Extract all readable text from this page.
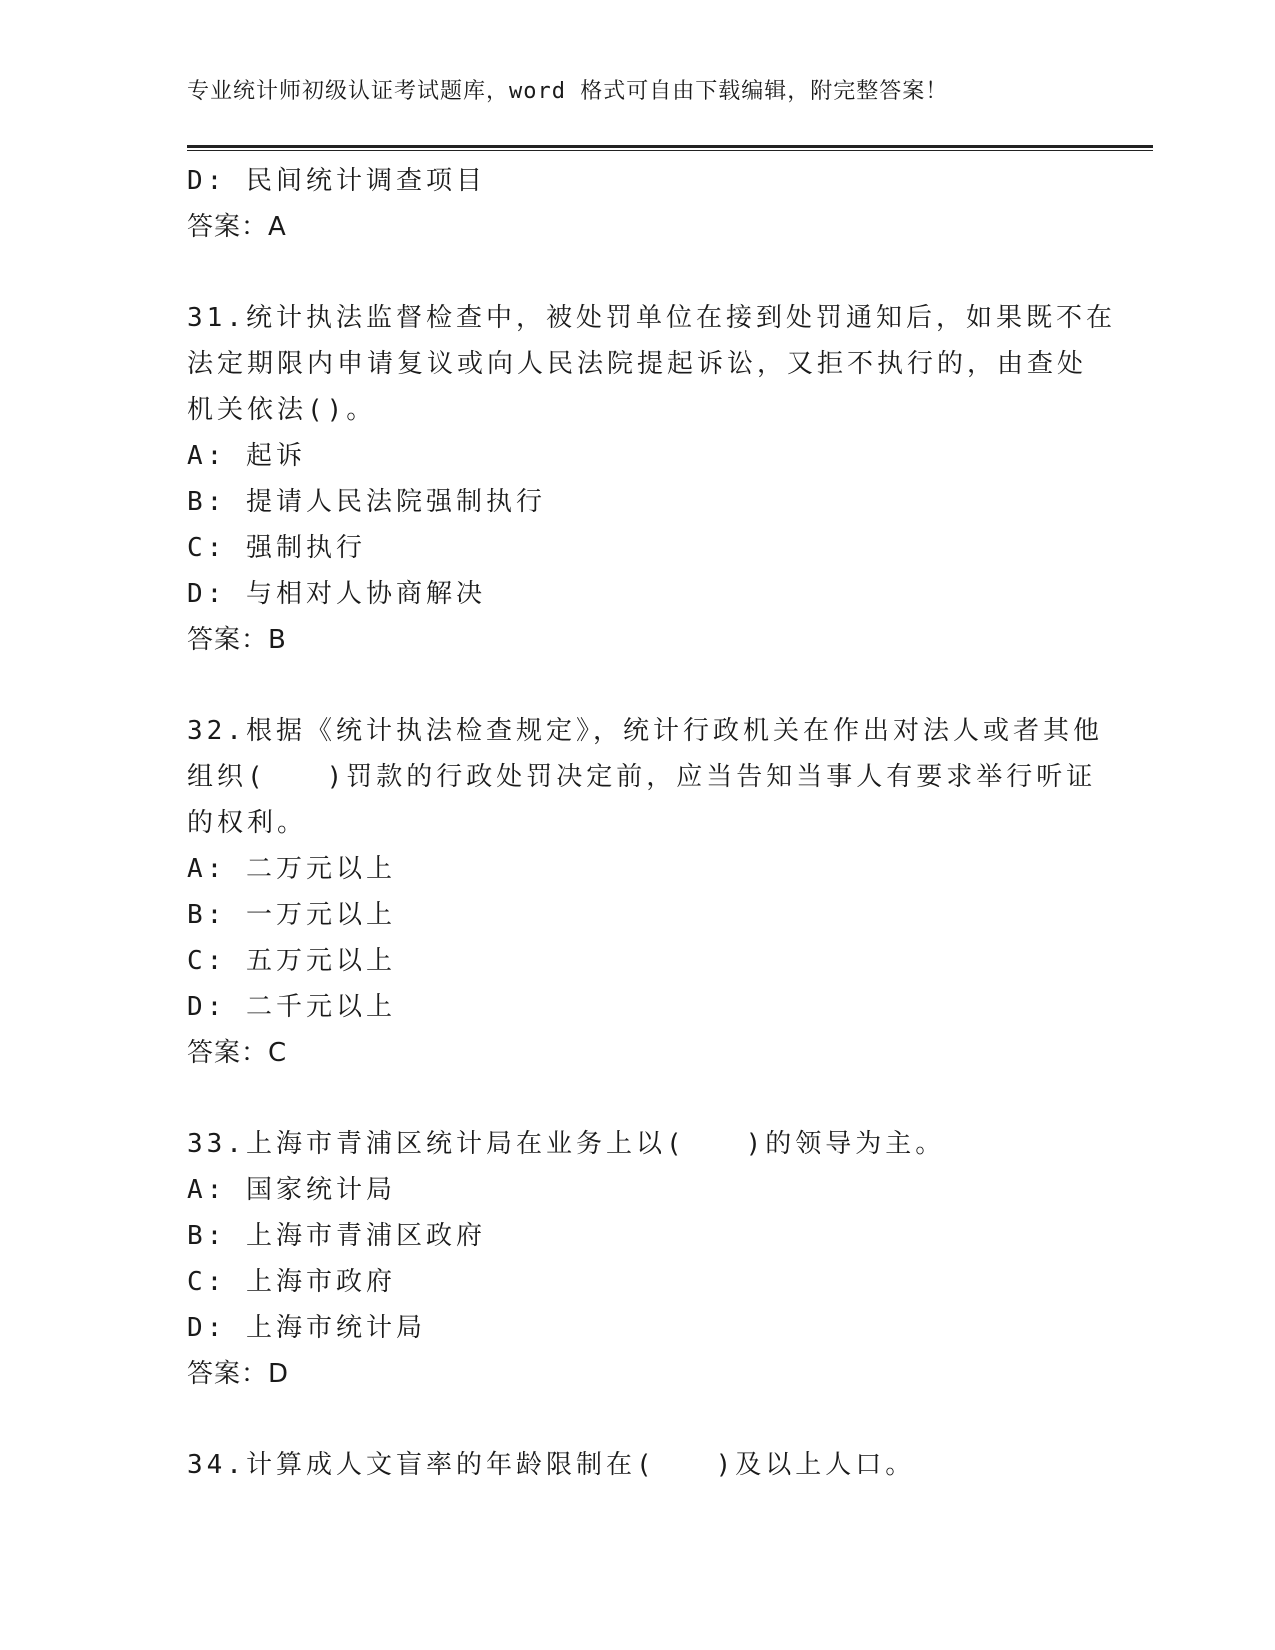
专业统计师初级认证考试题库，word 格式可自由下载编辑，附完整答案！
D: 民间统计调查项目
答案：A
31.统计执法监督检查中，被处罚单位在接到处罚通知后，如果既不在
法定期限内申请复议或向人民法院提起诉讼，又拒不执行的，由查处
机关依法()。
A: 起诉
B: 提请人民法院强制执行
C: 强制执行
D: 与相对人协商解决
答案：B
32.根据《统计执法检查规定》，统计行政机关在作出对法人或者其他
组织(　　)罚款的行政处罚决定前，应当告知当事人有要求举行听证
的权利。
A: 二万元以上
B: 一万元以上
C: 五万元以上
D: 二千元以上
答案：C
33.上海市青浦区统计局在业务上以(　　)的领导为主。
A: 国家统计局
B: 上海市青浦区政府
C: 上海市政府
D: 上海市统计局
答案：D
34.计算成人文盲率的年龄限制在(　　)及以上人口。
